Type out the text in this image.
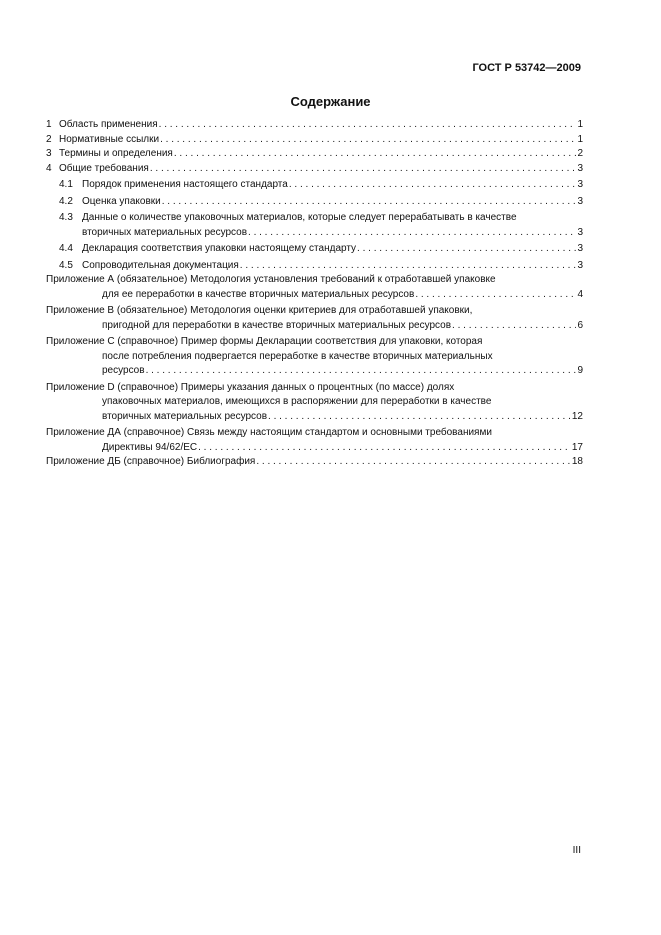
ГОСТ Р 53742—2009
Содержание
1 Область применения . . .	1
2 Нормативные ссылки . . .	1
3 Термины и определения . . .	2
4 Общие требования . . .	3
4.1 Порядок применения настоящего стандарта . . .	3
4.2 Оценка упаковки . . .	3
4.3 Данные о количестве упаковочных материалов, которые следует перерабатывать в качестве
вторичных материальных ресурсов . . .	3
4.4 Декларация соответствия упаковки настоящему стандарту . . .	3
4.5 Сопроводительная документация . . .	3
Приложение А (обязательное) Методология установления требований к отработавшей упаковке
для ее переработки в качестве вторичных материальных ресурсов . . .	4
Приложение В (обязательное) Методология оценки критериев для отработавшей упаковки,
пригодной для переработки в качестве вторичных материальных ресурсов . . .	6
Приложение С (справочное) Пример формы Декларации соответствия для упаковки, которая
после потребления подвергается переработке в качестве вторичных материальных
ресурсов . . .	9
Приложение D (справочное) Примеры указания данных о процентных (по массе) долях
упаковочных материалов, имеющихся в распоряжении для переработки в качестве
вторичных материальных ресурсов . . .	12
Приложение ДА (справочное) Связь между настоящим стандартом и основными требованиями
Директивы 94/62/ЕС . . .	17
Приложение ДБ (справочное) Библиография . . .	18
III
